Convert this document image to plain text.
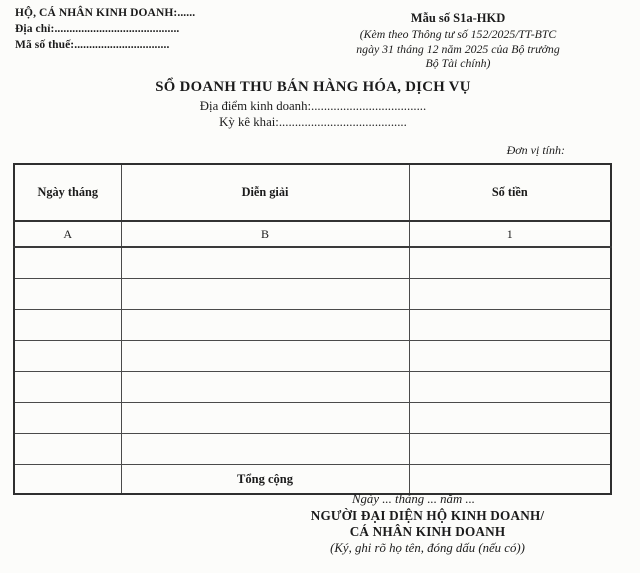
HỘ, CÁ NHÂN KINH DOANH:......
Địa chỉ:..........................................
Mã số thuế:................................
Mẫu số S1a-HKD
(Kèm theo Thông tư số 152/2025/TT-BTC
ngày 31 tháng 12 năm 2025 của Bộ trưởng
Bộ Tài chính)
SỔ DOANH THU BÁN HÀNG HÓA, DỊCH VỤ
Địa điểm kinh doanh:....................................
Kỳ kê khai:........................................
Đơn vị tính:
Ngày tháng	Diễn giải	Số tiền
A	B	1

	Tổng cộng	
Ngày ... tháng ... năm ...
NGƯỜI ĐẠI DIỆN HỘ KINH DOANH/
CÁ NHÂN KINH DOANH
(Ký, ghi rõ họ tên, đóng dấu (nếu có))
